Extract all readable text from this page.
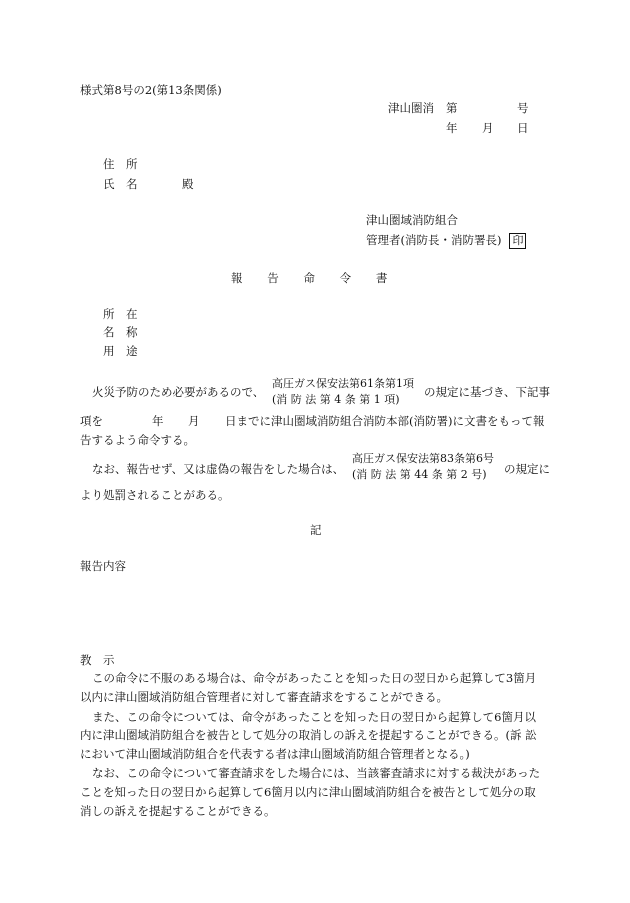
様式第8号の2(第13条関係)
津山圏消 第	号
年 月 日
住　所
氏　名	殿
津山圏域消防組合
管理者(消防長・消防署長) 印
報　　告　　命　　令　　書
所　在
名　称
用　途
火災予防のため必要があるので、
高圧ガス保安法第61条第1項
(消 防 法 第 4 条 第 1 項)
の規定に基づき、下記事
項を	年 月 日までに津山圏域消防組合消防本部(消防署)に文書をもって報
告するよう命令する。
なお、報告せず、又は虚偽の報告をした場合は、
高圧ガス保安法第83条第6号
(消 防 法 第 44 条 第 2 号)	の規定に
より処罰されることがある。
記
報告内容
教　示
この命令に不服のある場合は、命令があったことを知った日の翌日から起算して3箇月
以内に津山圏域消防組合管理者に対して審査請求をすることができる。
また、この命令については、命令があったことを知った日の翌日から起算して6箇月以
内に津山圏域消防組合を被告として処分の取消しの訴えを提起することができる。(訴 訟
において津山圏域消防組合を代表する者は津山圏域消防組合管理者となる。)
なお、この命令について審査請求をした場合には、当該審査請求に対する裁決があった
ことを知った日の翌日から起算して6箇月以内に津山圏域消防組合を被告として処分の取
消しの訴えを提起することができる。
